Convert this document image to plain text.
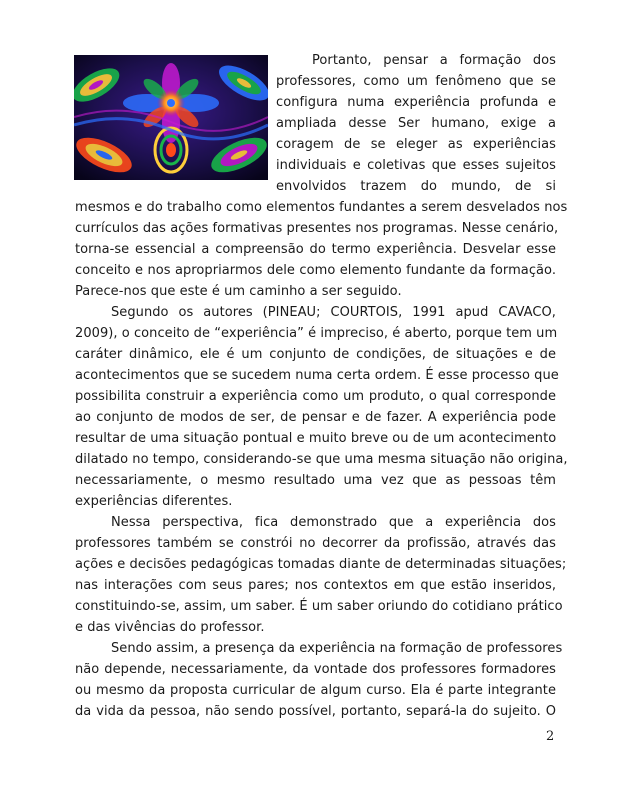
Portanto, pensar a formação dos
professores, como um fenômeno que se
configura numa experiência profunda e
ampliada desse Ser humano, exige a
coragem de se eleger as experiências
individuais e coletivas que esses sujeitos
envolvidos trazem do mundo, de si
mesmos e do trabalho como elementos fundantes a serem desvelados nos
currículos das ações formativas presentes nos programas. Nesse cenário,
torna-se essencial a compreensão do termo experiência. Desvelar esse
conceito e nos apropriarmos dele como elemento fundante da formação.
Parece-nos que este é um caminho a ser seguido.
Segundo os autores (PINEAU; COURTOIS, 1991 apud CAVACO,
2009), o conceito de “experiência” é impreciso, é aberto, porque tem um
caráter dinâmico, ele é um conjunto de condições, de situações e de
acontecimentos que se sucedem numa certa ordem. É esse processo que
possibilita construir a experiência como um produto, o qual corresponde
ao conjunto de modos de ser, de pensar e de fazer. A experiência pode
resultar de uma situação pontual e muito breve ou de um acontecimento
dilatado no tempo, considerando-se que uma mesma situação não origina,
necessariamente, o mesmo resultado uma vez que as pessoas têm
experiências diferentes.
Nessa perspectiva, fica demonstrado que a experiência dos
professores também se constrói no decorrer da profissão, através das
ações e decisões pedagógicas tomadas diante de determinadas situações;
nas interações com seus pares; nos contextos em que estão inseridos,
constituindo-se, assim, um saber. É um saber oriundo do cotidiano prático
e das vivências do professor.
Sendo assim, a presença da experiência na formação de professores
não depende, necessariamente, da vontade dos professores formadores
ou mesmo da proposta curricular de algum curso. Ela é parte integrante
da vida da pessoa, não sendo possível, portanto, separá-la do sujeito. O
2
